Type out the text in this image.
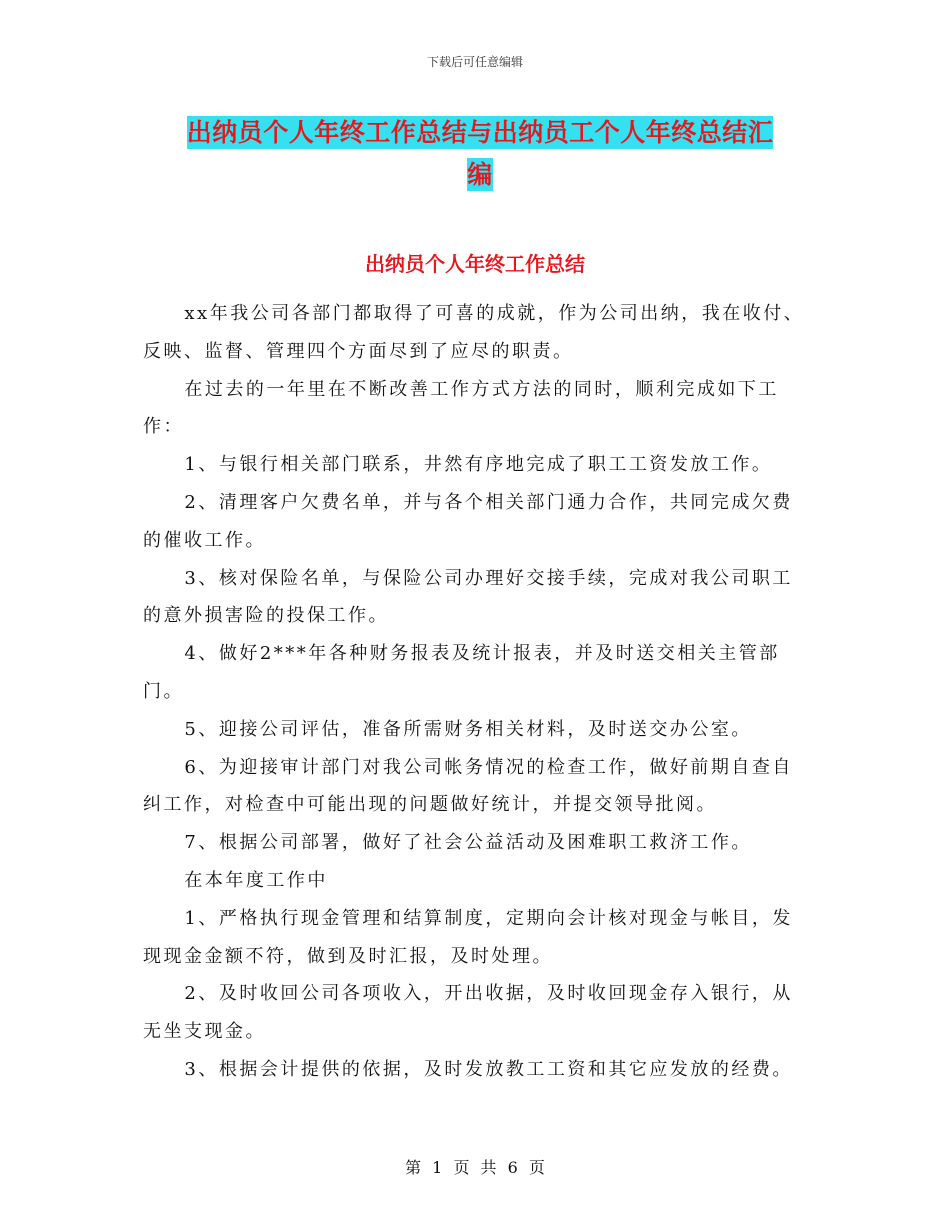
下载后可任意编辑
出纳员个人年终工作总结与出纳员工个人年终总结汇
编
出纳员个人年终工作总结

xx年我公司各部门都取得了可喜的成就，作为公司出纳，我在收付、反映、监督、管理四个方面尽到了应尽的职责。

在过去的一年里在不断改善工作方式方法的同时，顺利完成如下工作：

1、与银行相关部门联系，井然有序地完成了职工工资发放工作。

2、清理客户欠费名单，并与各个相关部门通力合作，共同完成欠费的催收工作。

3、核对保险名单，与保险公司办理好交接手续，完成对我公司职工的意外损害险的投保工作。

4、做好2***年各种财务报表及统计报表，并及时送交相关主管部门。

5、迎接公司评估，准备所需财务相关材料，及时送交办公室。

6、为迎接审计部门对我公司帐务情况的检查工作，做好前期自查自纠工作，对检查中可能出现的问题做好统计，并提交领导批阅。

7、根据公司部署，做好了社会公益活动及困难职工救济工作。

在本年度工作中

1、严格执行现金管理和结算制度，定期向会计核对现金与帐目，发现现金金额不符，做到及时汇报，及时处理。

2、及时收回公司各项收入，开出收据，及时收回现金存入银行，从无坐支现金。

3、根据会计提供的依据，及时发放教工工资和其它应发放的经费。

第 1 页 共 6 页
